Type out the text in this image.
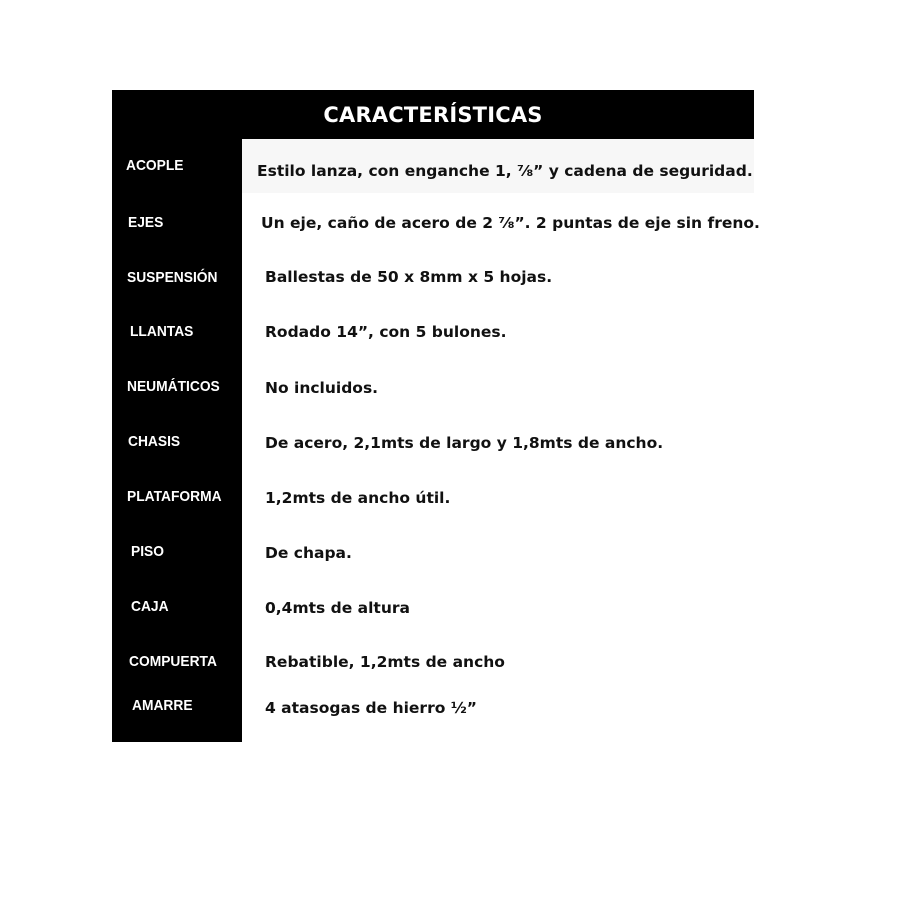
CARACTERÍSTICAS
ACOPLE	Estilo lanza, con enganche 1, ⅞” y cadena de seguridad.
EJES	Un eje, caño de acero de 2 ⅞”. 2 puntas de eje sin freno.
SUSPENSIÓN	Ballestas de 50 x 8mm x 5 hojas.
LLANTAS	Rodado 14”, con 5 bulones.
NEUMÁTICOS	No incluidos.
CHASIS	De acero, 2,1mts de largo y 1,8mts de ancho.
PLATAFORMA	1,2mts de ancho útil.
PISO	De chapa.
CAJA	0,4mts de altura
COMPUERTA	Rebatible, 1,2mts de ancho
AMARRE	4 atasogas de hierro ½”
